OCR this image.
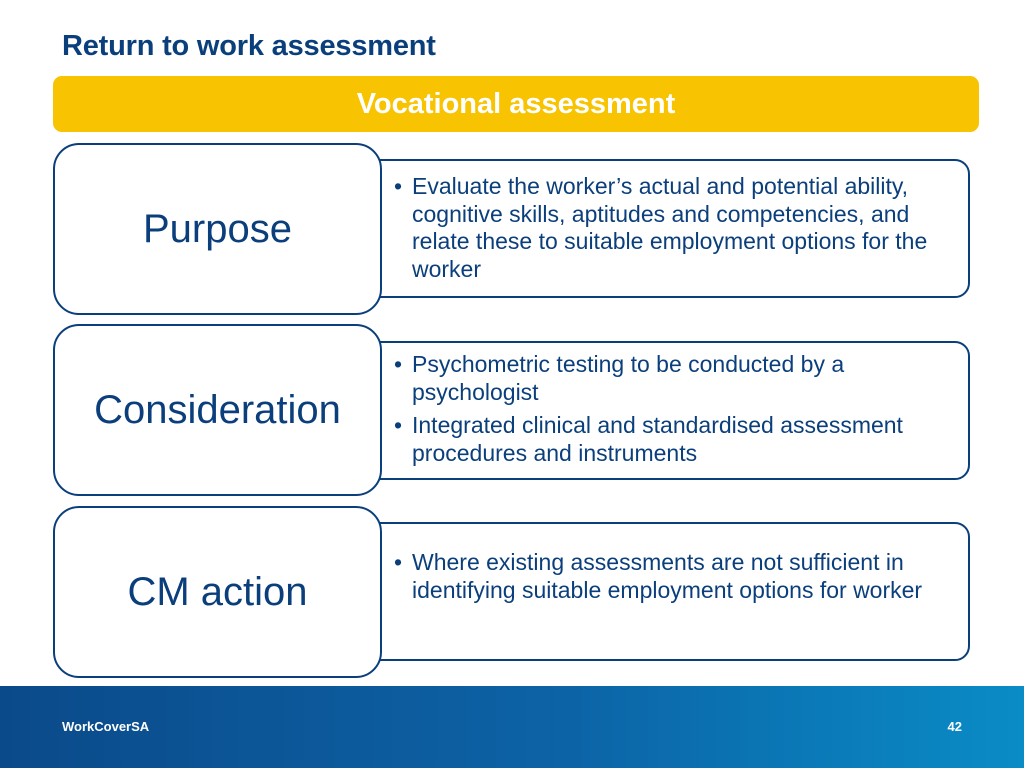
Return to work assessment
Vocational assessment
Purpose
• Evaluate the worker’s actual and potential ability, cognitive skills, aptitudes and competencies, and relate these to suitable employment options for the worker
Consideration
• Psychometric testing to be conducted by a psychologist
• Integrated clinical and standardised assessment procedures and instruments
CM action
• Where existing assessments are not sufficient in identifying suitable employment options for worker
WorkCoverSA	42
